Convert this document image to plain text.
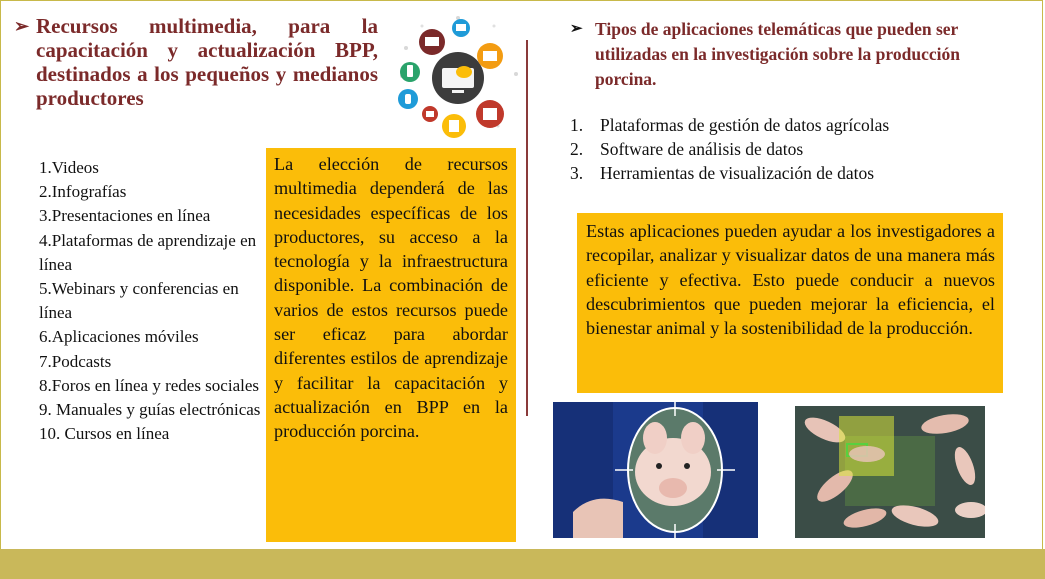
➢ Recursos multimedia, para la capacitación y actualización BPP, destinados a los pequeños y medianos productores
1.Videos
2.Infografías
3.Presentaciones en línea
4.Plataformas de aprendizaje en línea
5.Webinars y conferencias en línea
6.Aplicaciones móviles
7.Podcasts
8.Foros en línea y redes sociales
9. Manuales y guías electrónicas
10. Cursos en línea
La elección de recursos multimedia dependerá de las necesidades específicas de los productores, su acceso a la tecnología y la infraestructura disponible. La combinación de varios de estos recursos puede ser eficaz para abordar diferentes estilos de aprendizaje y facilitar la capacitación y actualización en BPP en la producción porcina.
➢ Tipos de aplicaciones telemáticas que pueden ser utilizadas en la investigación sobre la producción porcina.
1. Plataformas de gestión de datos agrícolas
2. Software de análisis de datos
3. Herramientas de visualización de datos
Estas aplicaciones pueden ayudar a los investigadores a recopilar, analizar y visualizar datos de una manera más eficiente y efectiva. Esto puede conducir a nuevos descubrimientos que pueden mejorar la eficiencia, el bienestar animal y la sostenibilidad de la producción.
